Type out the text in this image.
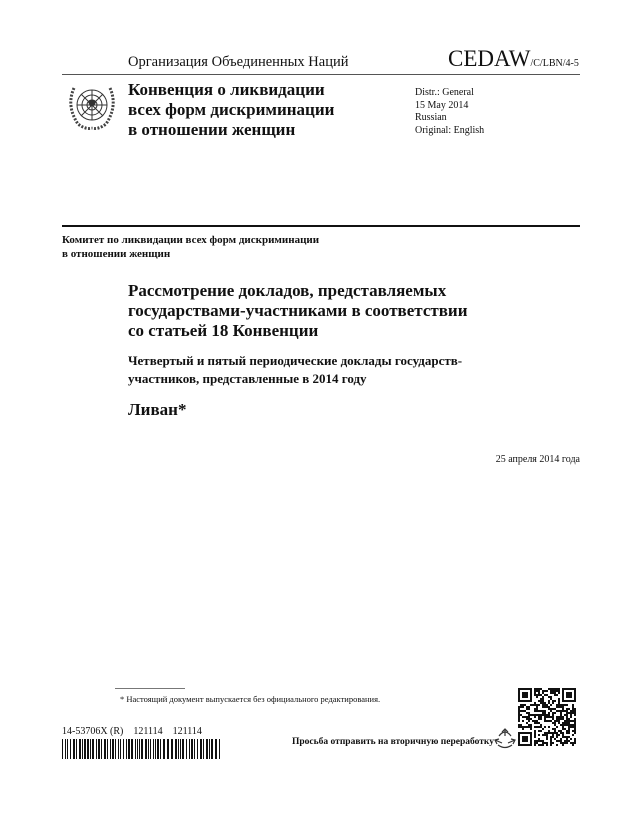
Организация Объединенных Наций	CEDAW/C/LBN/4-5
Конвенция о ликвидации
всех форм дискриминации
в отношении женщин
Distr.: General
15 May 2014
Russian
Original: English
Комитет по ликвидации всех форм дискриминации
в отношении женщин
Рассмотрение докладов, представляемых
государствами-участниками в соответствии
со статьей 18 Конвенции
Четвертый и пятый периодические доклады государств-
участников, представленные в 2014 году
Ливан*
25 апреля 2014 года
* Настоящий документ выпускается без официального редактирования.
14-53706X (R)    121114    121114
Просьба отправить на вторичную переработку
